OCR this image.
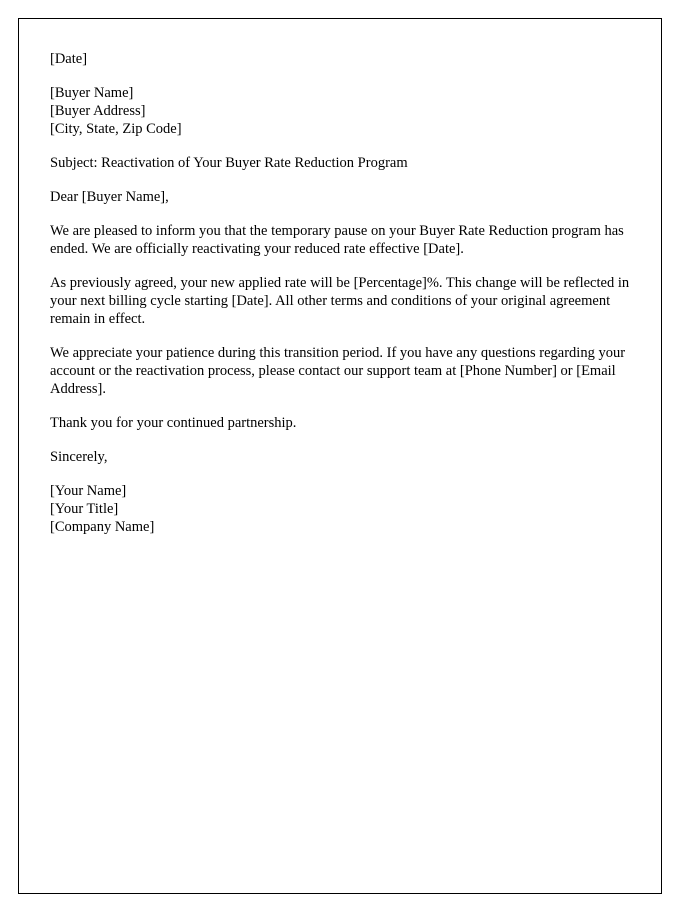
[Date]
[Buyer Name]
[Buyer Address]
[City, State, Zip Code]

Subject: Reactivation of Your Buyer Rate Reduction Program

Dear [Buyer Name],

We are pleased to inform you that the temporary pause on your Buyer Rate Reduction program has ended. We are officially reactivating your reduced rate effective [Date].

As previously agreed, your new applied rate will be [Percentage]%. This change will be reflected in your next billing cycle starting [Date]. All other terms and conditions of your original agreement remain in effect.

We appreciate your patience during this transition period. If you have any questions regarding your account or the reactivation process, please contact our support team at [Phone Number] or [Email Address].

Thank you for your continued partnership.

Sincerely,

[Your Name]
[Your Title]
[Company Name]
